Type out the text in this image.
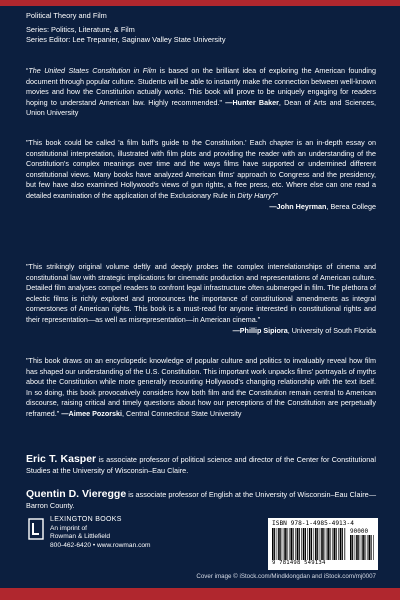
Political Theory and Film

Series: Politics, Literature, & Film

Series Editor: Lee Trepanier, Saginaw Valley State University

“The United States Constitution in Film is based on the brilliant idea of exploring the American founding document through popular culture. Students will be able to instantly make the connection between well-known movies and how the Constitution actually works. This book will prove to be uniquely engaging for readers hoping to understand American law. Highly recommended." —Hunter Baker, Dean of Arts and Sciences, Union University

"This book could be called 'a film buff's guide to the Constitution.' Each chapter is an in-depth essay on constitutional interpretation, illustrated with film plots and providing the reader with an understanding of the Constitution's complex meanings over time and the ways films have supported or undermined different constitutional views. Many books have analyzed American films' approach to Congress and the presidency, but few have also examined Hollywood's views of gun rights, a free press, etc. Where else can one read a detailed examination of the application of the Exclusionary Rule in Dirty Harry?"

—John Heyrman, Berea College

"This strikingly original volume deftly and deeply probes the complex interrelationships of cinema and constitutional law with strategic implications for cinematic production and representations of American culture. Detailed film analyses compel readers to confront legal infrastructure often submerged in film. The plethora of eclectic films is richly explored and pronounces the importance of constitutional amendments as integral cornerstones of American rights. This book is a must-read for anyone interested in constitutional rights and their representation—as well as misrepresentation—in American cinema."

—Phillip Sipiora, University of South Florida

"This book draws on an encyclopedic knowledge of popular culture and politics to invaluably reveal how film has shaped our understanding of the U.S. Constitution. This important work unpacks films' portrayals of myths about the Constitution while more generally recounting Hollywood's changing relationship with the text itself. In so doing, this book provocatively considers how both film and the Constitution remain central to American discourse, raising critical and timely questions about how our perceptions of the Constitution are perpetually reframed." —Aimee Pozorski, Central Connecticut State University

Eric T. Kasper is associate professor of political science and director of the Center for Constitutional Studies at the University of Wisconsin–Eau Claire.

Quentin D. Vieregge is associate professor of English at the University of Wisconsin–Eau Claire—Barron County.

LEXINGTON BOOKS
An imprint of
Rowman & Littlefield
800-462-6420 • www.rowman.com
ISBN 978-1-4985-4913-4
90000
9 781498 549134
Cover image © iStock.com/Mindklongdan and iStock.com/mj0007
